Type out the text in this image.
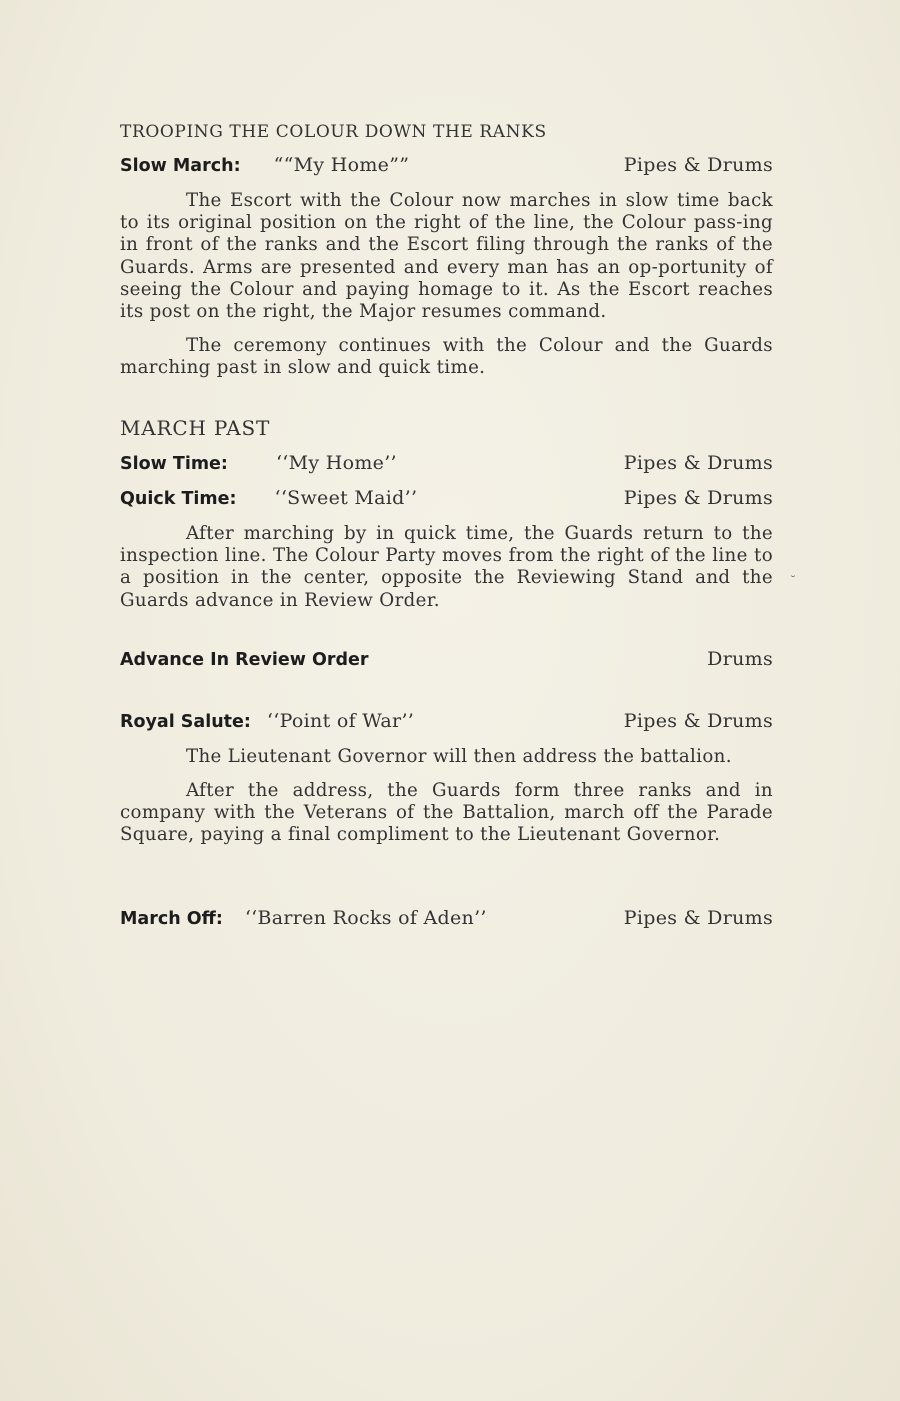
TROOPING THE COLOUR DOWN THE RANKS
Slow March: ““My Home””	Pipes & Drums
The Escort with the Colour now marches in slow time back to its original position on the right of the line, the Colour pass-ing in front of the ranks and the Escort filing through the ranks of the Guards. Arms are presented and every man has an op-portunity of seeing the Colour and paying homage to it. As the Escort reaches its post on the right, the Major resumes command.
The ceremony continues with the Colour and the Guards marching past in slow and quick time.
MARCH PAST
Slow Time:	‘‘My Home’’	Pipes & Drums
Quick Time: ‘‘Sweet Maid’’	Pipes & Drums
After marching by in quick time, the Guards return to the inspection line. The Colour Party moves from the right of the line to a position in the center, opposite the Reviewing Stand and the Guards advance in Review Order.
˘
Advance In Review Order	Drums
Royal Salute: ‘‘Point of War’’	Pipes & Drums
The Lieutenant Governor will then address the battalion.
After the address, the Guards form three ranks and in company with the Veterans of the Battalion, march off the Parade Square, paying a final compliment to the Lieutenant Governor.
March Off: ‘‘Barren Rocks of Aden’’	Pipes & Drums
